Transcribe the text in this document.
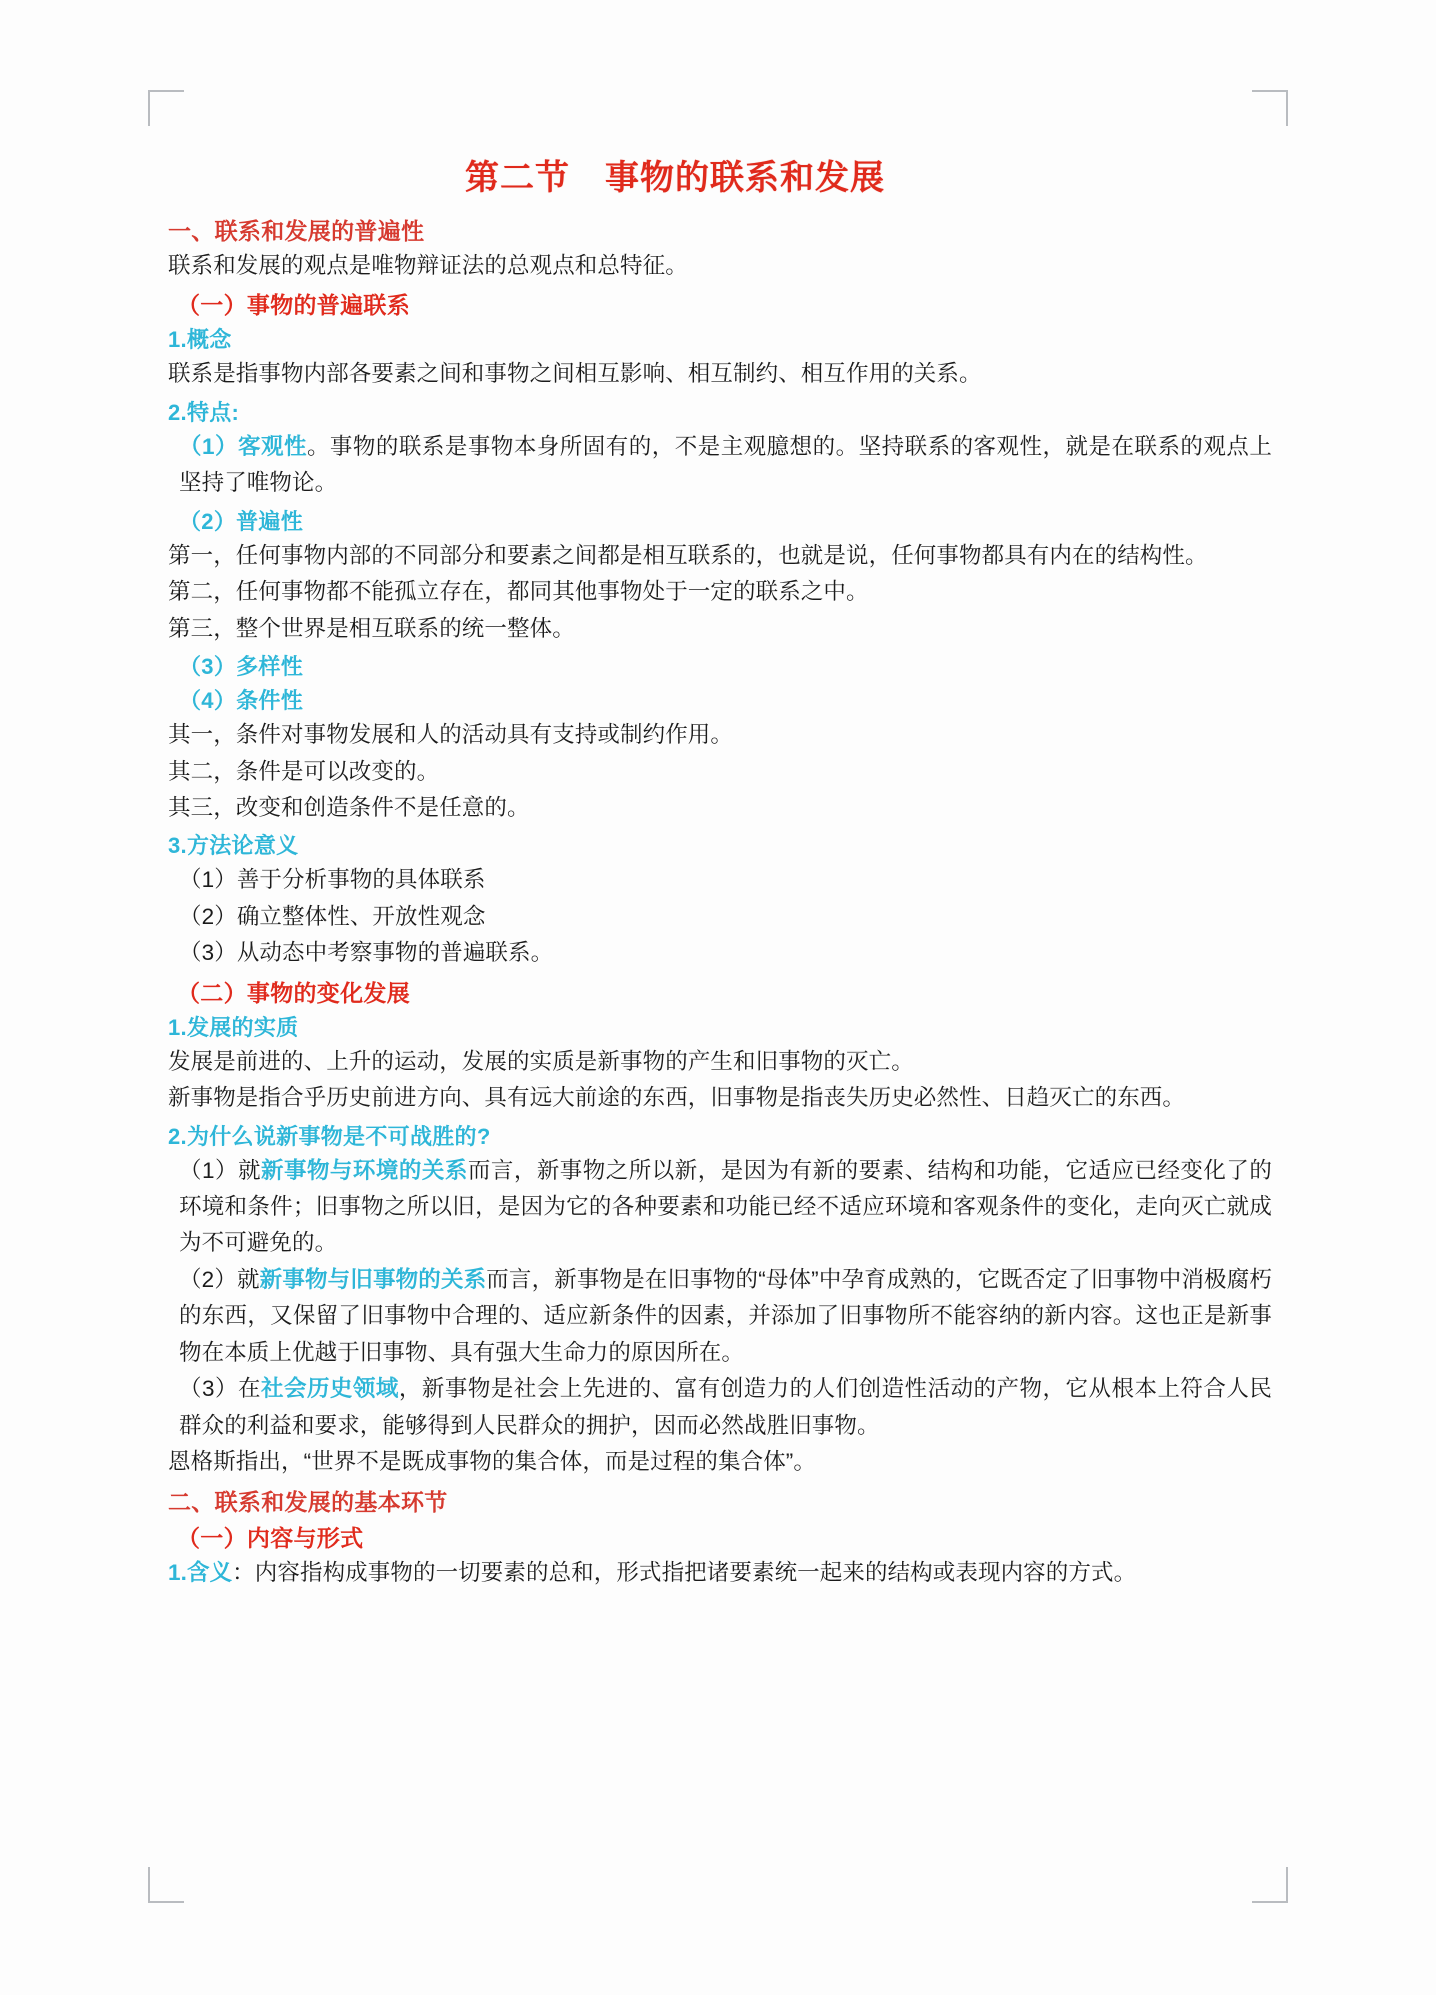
第二节　事物的联系和发展
一、联系和发展的普遍性

联系和发展的观点是唯物辩证法的总观点和总特征。

（一）事物的普遍联系
1.概念

联系是指事物内部各要素之间和事物之间相互影响、相互制约、相互作用的关系。

2.特点:

（1）客观性。事物的联系是事物本身所固有的，不是主观臆想的。坚持联系的客观性，就是在联系的观点上坚持了唯物论。

（2）普遍性

第一，任何事物内部的不同部分和要素之间都是相互联系的，也就是说，任何事物都具有内在的结构性。

第二，任何事物都不能孤立存在，都同其他事物处于一定的联系之中。

第三，整个世界是相互联系的统一整体。

（3）多样性
（4）条件性

其一，条件对事物发展和人的活动具有支持或制约作用。

其二，条件是可以改变的。

其三，改变和创造条件不是任意的。

3.方法论意义

（1）善于分析事物的具体联系

（2）确立整体性、开放性观念

（3）从动态中考察事物的普遍联系。

（二）事物的变化发展
1.发展的实质

发展是前进的、上升的运动，发展的实质是新事物的产生和旧事物的灭亡。

新事物是指合乎历史前进方向、具有远大前途的东西，旧事物是指丧失历史必然性、日趋灭亡的东西。

2.为什么说新事物是不可战胜的?

（1）就新事物与环境的关系而言，新事物之所以新，是因为有新的要素、结构和功能，它适应已经变化了的环境和条件；旧事物之所以旧，是因为它的各种要素和功能已经不适应环境和客观条件的变化，走向灭亡就成为不可避免的。

（2）就新事物与旧事物的关系而言，新事物是在旧事物的“母体”中孕育成熟的，它既否定了旧事物中消极腐朽的东西，又保留了旧事物中合理的、适应新条件的因素，并添加了旧事物所不能容纳的新内容。这也正是新事物在本质上优越于旧事物、具有强大生命力的原因所在。

（3）在社会历史领域，新事物是社会上先进的、富有创造力的人们创造性活动的产物，它从根本上符合人民群众的利益和要求，能够得到人民群众的拥护，因而必然战胜旧事物。

恩格斯指出，“世界不是既成事物的集合体，而是过程的集合体”。

二、联系和发展的基本环节
（一）内容与形式

1.含义：内容指构成事物的一切要素的总和，形式指把诸要素统一起来的结构或表现内容的方式。
